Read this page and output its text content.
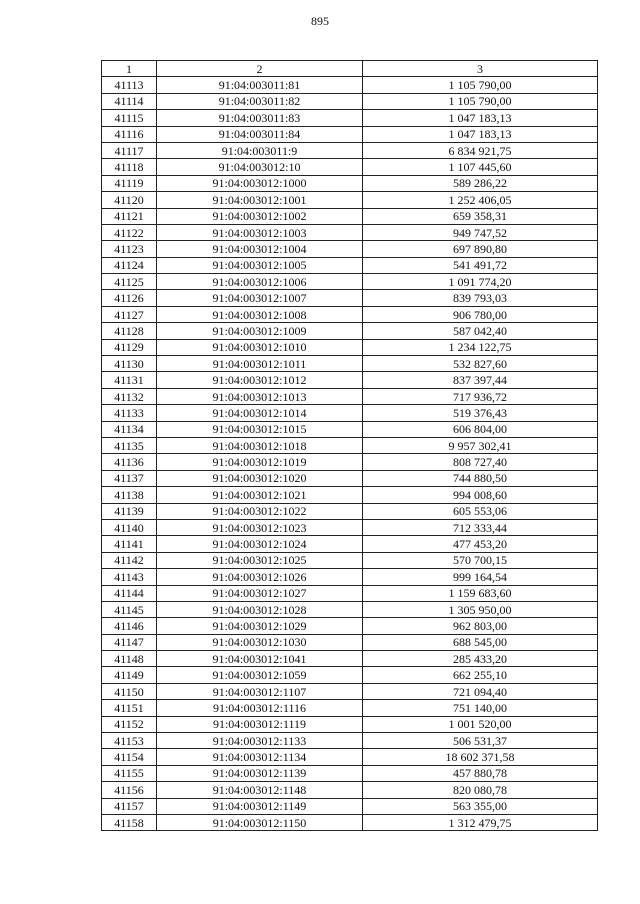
895
1	2	3
41113	91:04:003011:81	1 105 790,00
41114	91:04:003011:82	1 105 790,00
41115	91:04:003011:83	1 047 183,13
41116	91:04:003011:84	1 047 183,13
41117	91:04:003011:9	6 834 921,75
41118	91:04:003012:10	1 107 445,60
41119	91:04:003012:1000	589 286,22
41120	91:04:003012:1001	1 252 406,05
41121	91:04:003012:1002	659 358,31
41122	91:04:003012:1003	949 747,52
41123	91:04:003012:1004	697 890,80
41124	91:04:003012:1005	541 491,72
41125	91:04:003012:1006	1 091 774,20
41126	91:04:003012:1007	839 793,03
41127	91:04:003012:1008	906 780,00
41128	91:04:003012:1009	587 042,40
41129	91:04:003012:1010	1 234 122,75
41130	91:04:003012:1011	532 827,60
41131	91:04:003012:1012	837 397,44
41132	91:04:003012:1013	717 936,72
41133	91:04:003012:1014	519 376,43
41134	91:04:003012:1015	606 804,00
41135	91:04:003012:1018	9 957 302,41
41136	91:04:003012:1019	808 727,40
41137	91:04:003012:1020	744 880,50
41138	91:04:003012:1021	994 008,60
41139	91:04:003012:1022	605 553,06
41140	91:04:003012:1023	712 333,44
41141	91:04:003012:1024	477 453,20
41142	91:04:003012:1025	570 700,15
41143	91:04:003012:1026	999 164,54
41144	91:04:003012:1027	1 159 683,60
41145	91:04:003012:1028	1 305 950,00
41146	91:04:003012:1029	962 803,00
41147	91:04:003012:1030	688 545,00
41148	91:04:003012:1041	285 433,20
41149	91:04:003012:1059	662 255,10
41150	91:04:003012:1107	721 094,40
41151	91:04:003012:1116	751 140,00
41152	91:04:003012:1119	1 001 520,00
41153	91:04:003012:1133	506 531,37
41154	91:04:003012:1134	18 602 371,58
41155	91:04:003012:1139	457 880,78
41156	91:04:003012:1148	820 080,78
41157	91:04:003012:1149	563 355,00
41158	91:04:003012:1150	1 312 479,75
